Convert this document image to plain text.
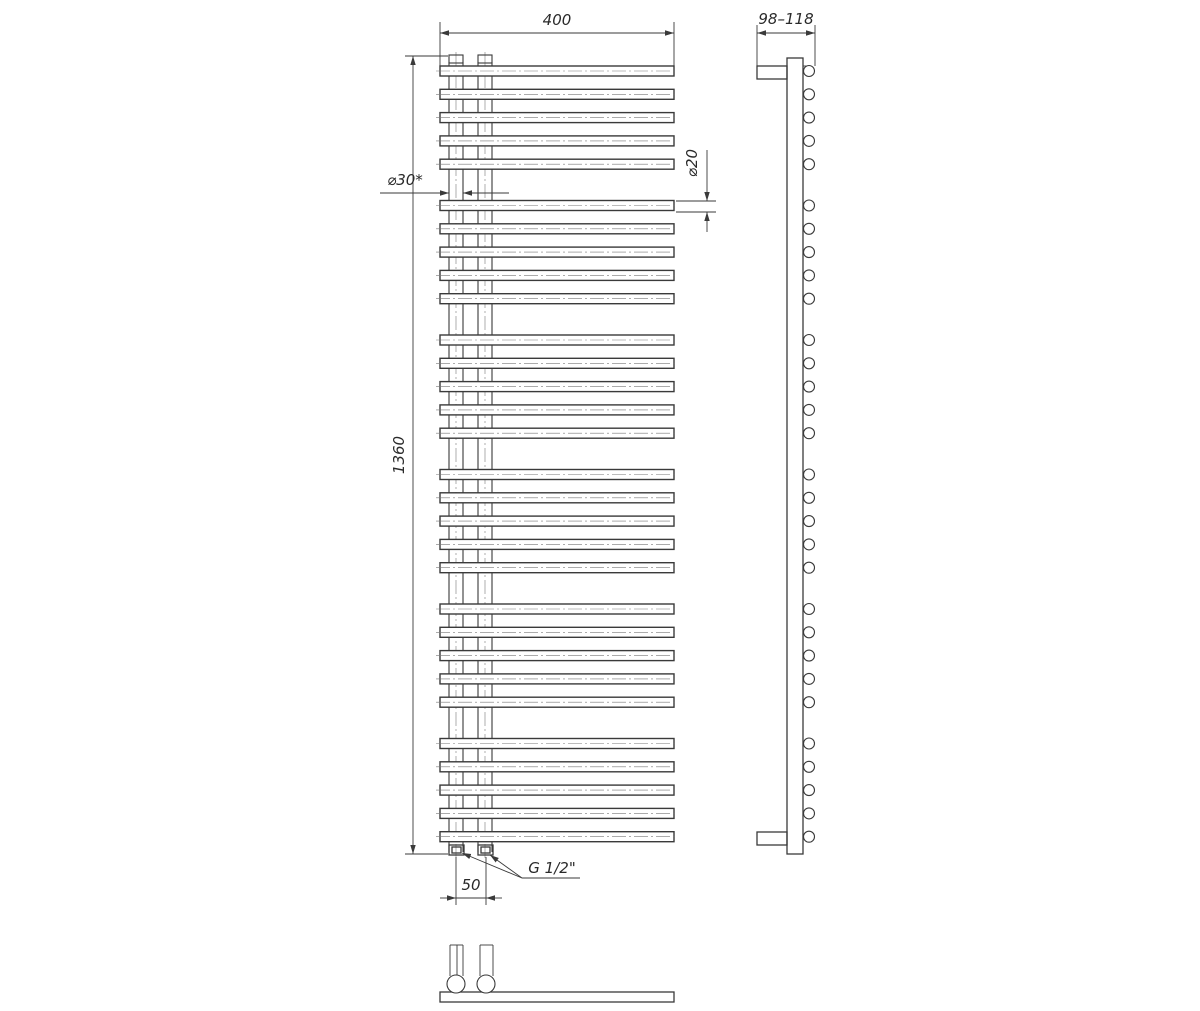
400
1360
⌀30*
⌀20
50
G 1/2"
98–118
